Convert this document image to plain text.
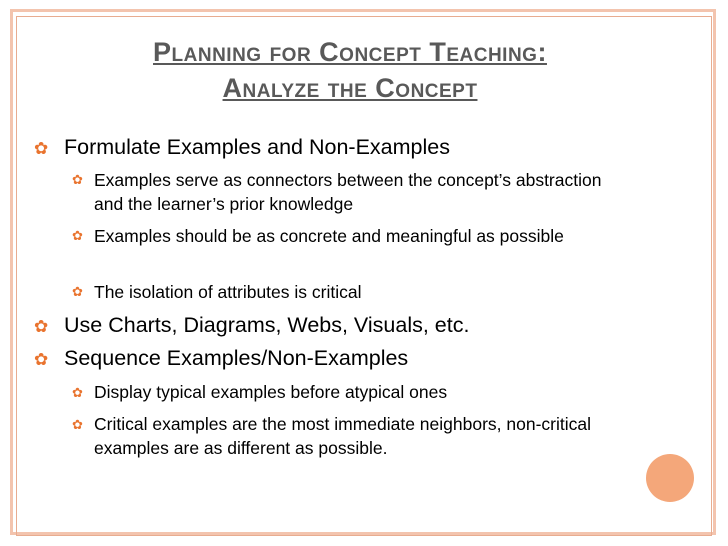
Planning for Concept Teaching:
Analyze the Concept
✿ Formulate Examples and Non-Examples

✿ Examples serve as connectors between the concept’s abstraction and the learner’s prior knowledge

✿ Examples should be as concrete and meaningful as possible

✿ The isolation of attributes is critical

✿ Use Charts, Diagrams, Webs, Visuals, etc.

✿ Sequence Examples/Non-Examples

✿ Display typical examples before atypical ones

✿ Critical examples are the most immediate neighbors, non-critical examples are as different as possible.
